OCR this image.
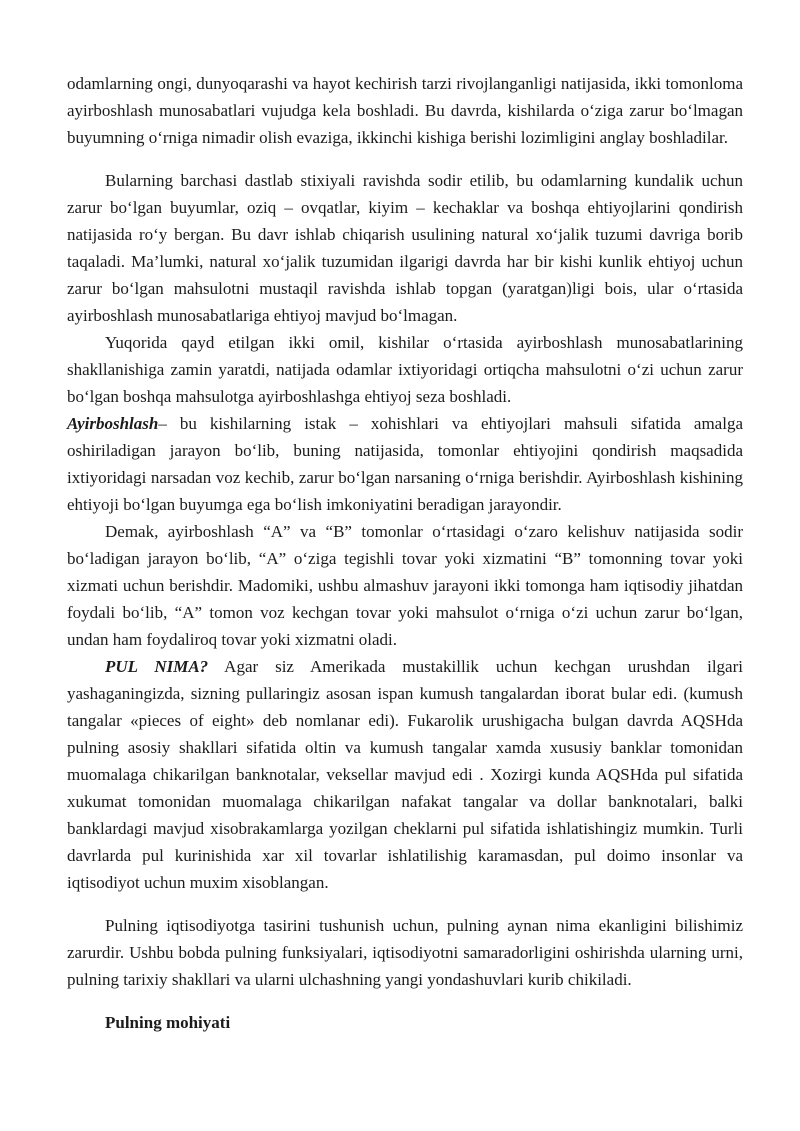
odamlarning ongi, dunyoqarashi va hayot kechirish tarzi rivojlanganligi natijasida, ikki tomonloma ayirboshlash munosabatlari vujudga kela boshladi. Bu davrda, kishilarda o‘ziga zarur bo‘lmagan buyumning o‘rniga nimadir olish evaziga, ikkinchi kishiga berishi lozimligini anglay boshladilar.

Bularning barchasi dastlab stixiyali ravishda sodir etilib, bu odamlarning kundalik uchun zarur bo‘lgan buyumlar, oziq – ovqatlar, kiyim – kechaklar va boshqa ehtiyojlarini qondirish natijasida ro‘y bergan. Bu davr ishlab chiqarish usulining natural xo‘jalik tuzumi davriga borib taqaladi. Ma’lumki, natural xo‘jalik tuzumidan ilgarigi davrda har bir kishi kunlik ehtiyoj uchun zarur bo‘lgan mahsulotni mustaqil ravishda ishlab topgan (yaratgan)ligi bois, ular o‘rtasida ayirboshlash munosabatlariga ehtiyoj mavjud bo‘lmagan.

Yuqorida qayd etilgan ikki omil, kishilar o‘rtasida ayirboshlash munosabatlarining shakllanishiga zamin yaratdi, natijada odamlar ixtiyoridagi ortiqcha mahsulotni o‘zi uchun zarur bo‘lgan boshqa mahsulotga ayirboshlashga ehtiyoj seza boshladi.

Ayirboshlash– bu kishilarning istak – xohishlari va ehtiyojlari mahsuli sifatida amalga oshiriladigan jarayon bo‘lib, buning natijasida, tomonlar ehtiyojini qondirish maqsadida ixtiyoridagi narsadan voz kechib, zarur bo‘lgan narsaning o‘rniga berishdir. Ayirboshlash kishining ehtiyoji bo‘lgan buyumga ega bo‘lish imkoniyatini beradigan jarayondir.

Demak, ayirboshlash “A” va “B” tomonlar o‘rtasidagi o‘zaro kelishuv natijasida sodir bo‘ladigan jarayon bo‘lib, “A” o‘ziga tegishli tovar yoki xizmatini “B” tomonning tovar yoki xizmati uchun berishdir. Madomiki, ushbu almashuv jarayoni ikki tomonga ham iqtisodiy jihatdan foydali bo‘lib, “A” tomon voz kechgan tovar yoki mahsulot o‘rniga o‘zi uchun zarur bo‘lgan, undan ham foydaliroq tovar yoki xizmatni oladi.

PUL NIMA? Agar siz Amerikada mustakillik uchun kechgan urushdan ilgari yashaganingizda, sizning pullaringiz asosan ispan kumush tangalardan iborat bular edi. (kumush tangalar «pieces of eight» deb nomlanar edi). Fukarolik urushigacha bulgan davrda AQSHda pulning asosiy shakllari sifatida oltin va kumush tangalar xamda xususiy banklar tomonidan muomalaga chikarilgan banknotalar, veksellar mavjud edi . Xozirgi kunda AQSHda pul sifatida xukumat tomonidan muomalaga chikarilgan nafakat tangalar va dollar banknotalari, balki banklardagi mavjud xisobrakamlarga yozilgan cheklarni pul sifatida ishlatishingiz mumkin. Turli davrlarda pul kurinishida xar xil tovarlar ishlatilishig karamasdan, pul doimo insonlar va iqtisodiyot uchun muxim xisoblangan.

Pulning iqtisodiyotga tasirini tushunish uchun, pulning aynan nima ekanligini bilishimiz zarurdir. Ushbu bobda pulning funksiyalari, iqtisodiyotni samaradorligini oshirishda ularning urni, pulning tarixiy shakllari va ularni ulchashning yangi yondashuvlari kurib chikiladi.

Pulning mohiyati
